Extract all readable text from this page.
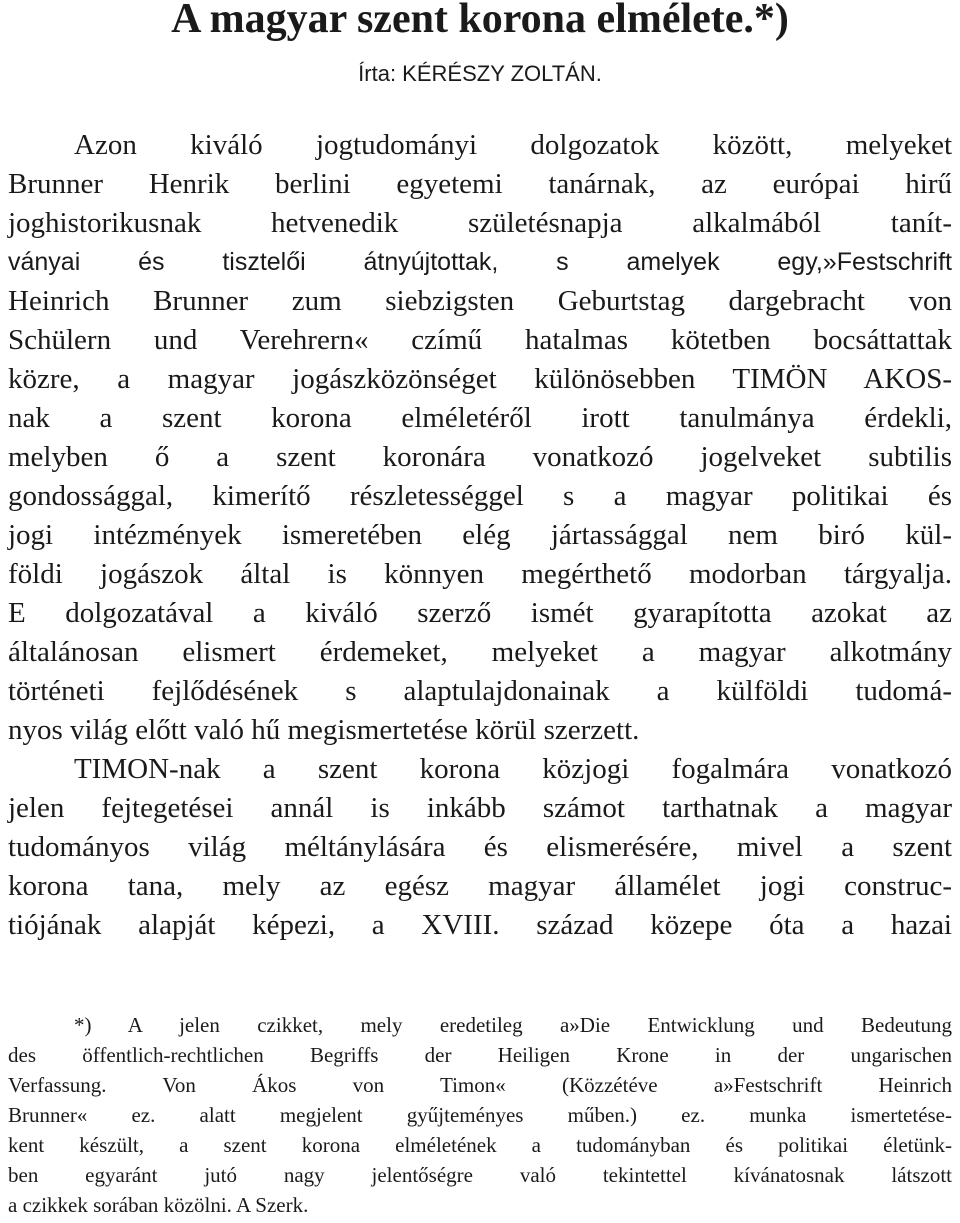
A magyar szent korona elmélete.*)
Írta: KÉRÉSZY ZOLTÁN.
Azon kiváló jogtudományi dolgozatok között, melyeket
Brunner Henrik berlini egyetemi tanárnak, az európai hirű
joghistorikusnak hetvenedik születésnapja alkalmából tanít-
ványai és tisztelői átnyújtottak, s amelyek egy,»Festschrift
Heinrich Brunner zum siebzigsten Geburtstag dargebracht von
Schülern und Verehrern« czímű hatalmas kötetben bocsáttattak
közre, a magyar jogászközönséget különösebben TIMÖN AKOS-
nak a szent korona elméletéről irott tanulmánya érdekli,
melyben ő a szent koronára vonatkozó jogelveket subtilis
gondossággal, kimerítő részletességgel s a magyar politikai és
jogi intézmények ismeretében elég jártassággal nem biró kül-
földi jogászok által is könnyen megérthető modorban tárgyalja.
E dolgozatával a kiváló szerző ismét gyarapította azokat az
általánosan elismert érdemeket, melyeket a magyar alkotmány
történeti fejlődésének s alaptulajdonainak a külföldi tudomá-
nyos világ előtt való hű megismertetése körül szerzett.
TIMON-nak a szent korona közjogi fogalmára vonatkozó
jelen fejtegetései annál is inkább számot tarthatnak a magyar
tudományos világ méltánylására és elismerésére, mivel a szent
korona tana, mely az egész magyar államélet jogi construc-
tiójának alapját képezi, a XVIII. század közepe óta a hazai
*) A jelen czikket, mely eredetileg a»Die Entwicklung und Bedeutung
des öffentlich-rechtlichen Begriffs der Heiligen Krone in der ungarischen
Verfassung. Von Ákos von Timon« (Közzétéve a»Festschrift Heinrich
Brunner« ez. alatt megjelent gyűjteményes műben.) ez. munka ismertetése-
kent készült, a szent korona elméletének a tudományban és politikai életünk-
ben egyaránt jutó nagy jelentőségre való tekintettel kívánatosnak látszott
a czikkek sorában közölni. A Szerk.
